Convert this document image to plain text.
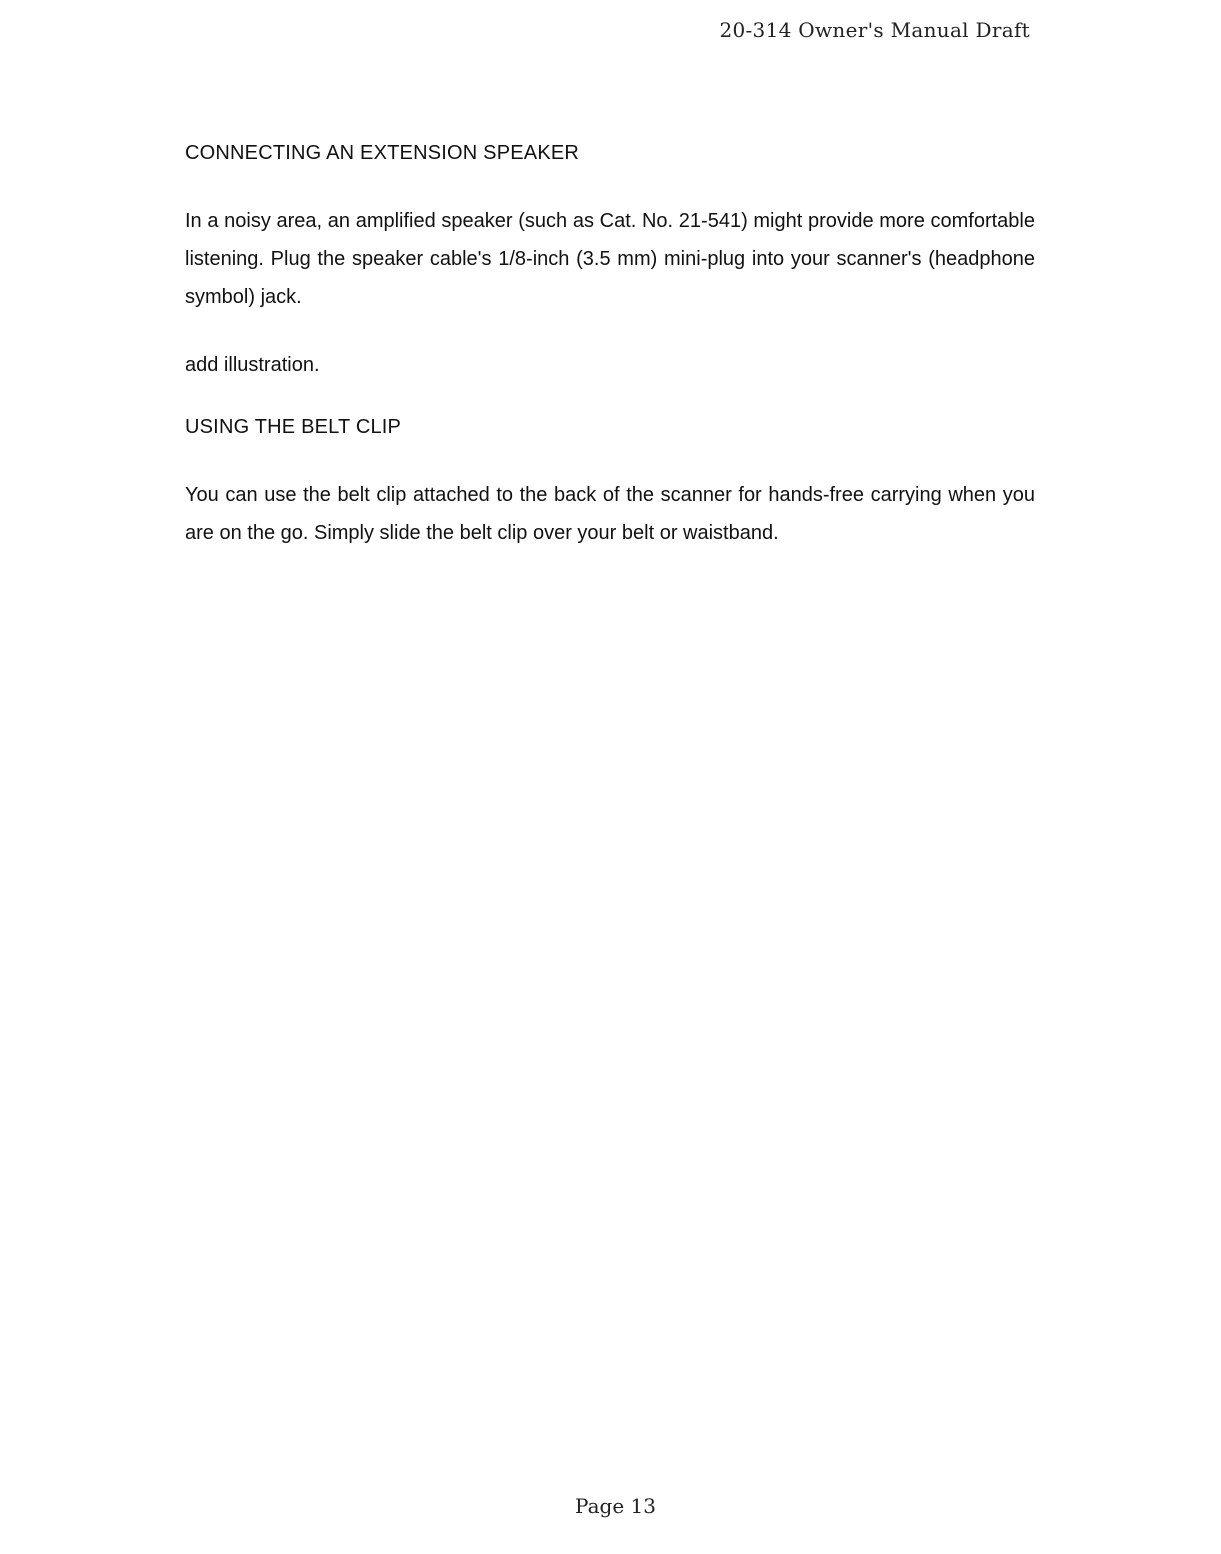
20-314 Owner's Manual Draft
CONNECTING AN EXTENSION SPEAKER
In a noisy area, an amplified speaker (such as Cat. No. 21-541) might provide more comfortable listening. Plug the speaker cable's 1/8-inch (3.5 mm) mini-plug into your scanner's (headphone symbol) jack.
add illustration.
USING THE BELT CLIP
You can use the belt clip attached to the back of the scanner for hands-free carrying when you are on the go. Simply slide the belt clip over your belt or waistband.
Page 13
